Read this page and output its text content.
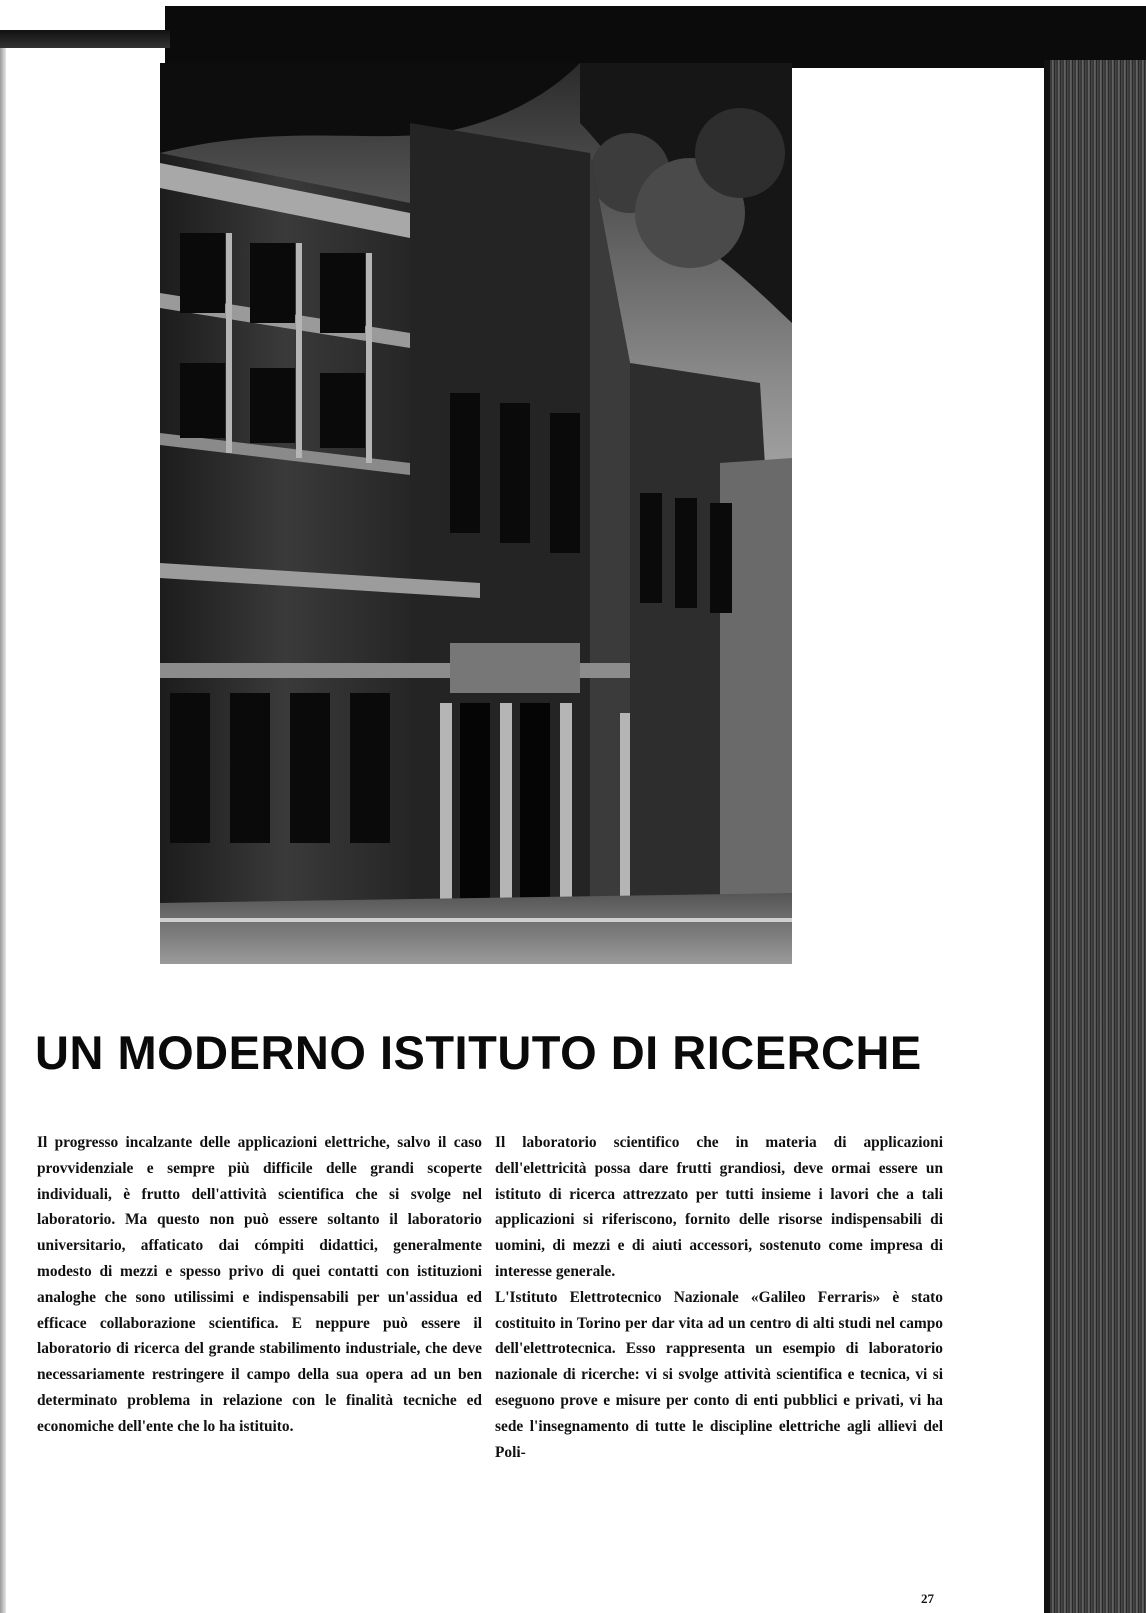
UN MODERNO ISTITUTO DI RICERCHE

Il progresso incalzante delle applicazioni elettriche, salvo il caso provvidenziale e sempre più difficile delle grandi scoperte individuali, è frutto dell'attività scientifica che si svolge nel laboratorio. Ma questo non può essere soltanto il laboratorio universitario, affaticato dai cómpiti didattici, generalmente modesto di mezzi e spesso privo di quei contatti con istituzioni analoghe che sono utilissimi e indispensabili per un'assidua ed efficace collaborazione scientifica. E neppure può essere il laboratorio di ricerca del grande stabilimento industriale, che deve necessariamente restringere il campo della sua opera ad un ben determinato problema in relazione con le finalità tecniche ed economiche dell'ente che lo ha istituito.

Il laboratorio scientifico che in materia di applicazioni dell'elettricità possa dare frutti grandiosi, deve ormai essere un istituto di ricerca attrezzato per tutti insieme i lavori che a tali applicazioni si riferiscono, fornito delle risorse indispensabili di uomini, di mezzi e di aiuti accessori, sostenuto come impresa di interesse generale.

L'Istituto Elettrotecnico Nazionale «Galileo Ferraris» è stato costituito in Torino per dar vita ad un centro di alti studi nel campo dell'elettrotecnica. Esso rappresenta un esempio di laboratorio nazionale di ricerche: vi si svolge attività scientifica e tecnica, vi si eseguono prove e misure per conto di enti pubblici e privati, vi ha sede l'insegnamento di tutte le discipline elettriche agli allievi del Poli-

27
